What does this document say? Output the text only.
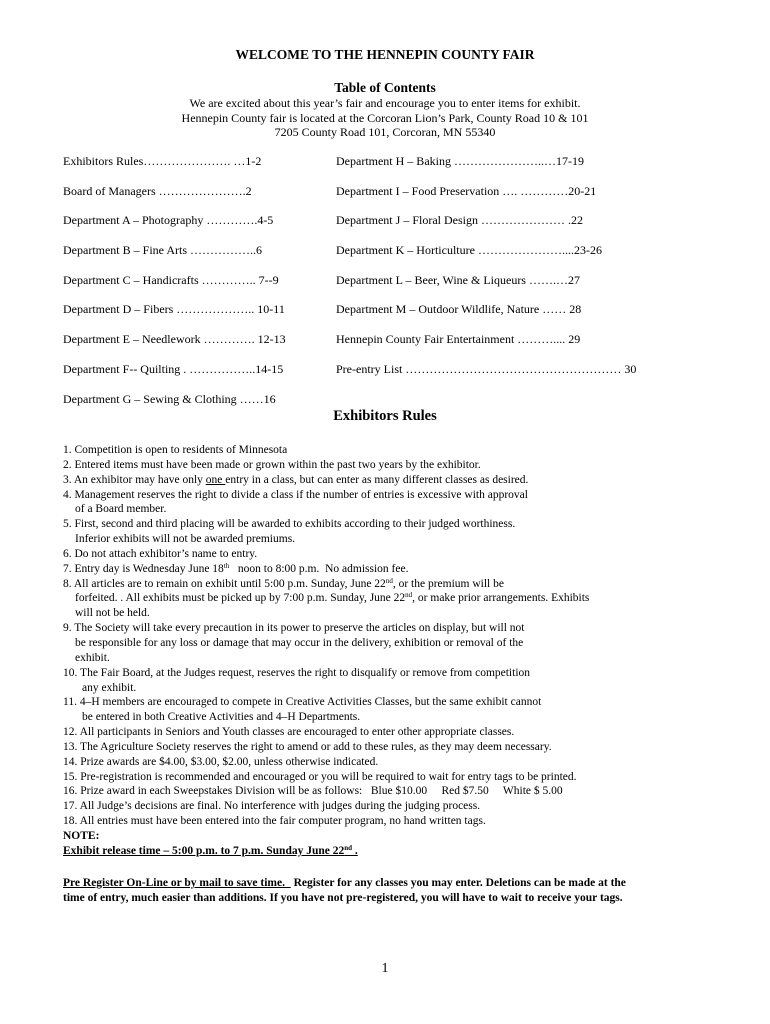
WELCOME TO THE HENNEPIN COUNTY FAIR
Table of Contents
We are excited about this year’s fair and encourage you to enter items for exhibit.
Hennepin County fair is located at the Corcoran Lion’s Park, County Road 10 & 101
7205 County Road 101, Corcoran, MN 55340
Exhibitors Rules…………………. …1-2
Board of Managers ………………….2
Department A – Photography ………….4-5
Department B – Fine Arts ……………..6
Department C – Handicrafts ………….. 7--9
Department D – Fibers ……………….. 10-11
Department E – Needlework …………. 12-13
Department F-- Quilting . ……………..14-15
Department G – Sewing & Clothing ……16
Department H – Baking …………………..…17-19
Department I – Food Preservation …. …………20-21
Department J – Floral Design ………………… .22
Department K – Horticulture …………………....23-26
Department L – Beer, Wine & Liqueurs …….…27
Department M – Outdoor Wildlife, Nature …… 28
Hennepin County Fair Entertainment ……….... 29
Pre-entry List ……………………………………………… 30
Exhibitors Rules
1. Competition is open to residents of Minnesota
2. Entered items must have been made or grown within the past two years by the exhibitor.
3. An exhibitor may have only one entry in a class, but can enter as many different classes as desired.
4. Management reserves the right to divide a class if the number of entries is excessive with approval
of a Board member.
5. First, second and third placing will be awarded to exhibits according to their judged worthiness.
Inferior exhibits will not be awarded premiums.
6. Do not attach exhibitor’s name to entry.
7. Entry day is Wednesday June 18th   noon to 8:00 p.m.  No admission fee.
8. All articles are to remain on exhibit until 5:00 p.m. Sunday, June 22nd, or the premium will be
forfeited. . All exhibits must be picked up by 7:00 p.m. Sunday, June 22nd, or make prior arrangements. Exhibits
will not be held.
9. The Society will take every precaution in its power to preserve the articles on display, but will not
be responsible for any loss or damage that may occur in the delivery, exhibition or removal of the
exhibit.
10. The Fair Board, at the Judges request, reserves the right to disqualify or remove from competition
any exhibit.
11. 4–H members are encouraged to compete in Creative Activities Classes, but the same exhibit cannot
be entered in both Creative Activities and 4–H Departments.
12. All participants in Seniors and Youth classes are encouraged to enter other appropriate classes.
13. The Agriculture Society reserves the right to amend or add to these rules, as they may deem necessary.
14. Prize awards are $4.00, $3.00, $2.00, unless otherwise indicated.
15. Pre-registration is recommended and encouraged or you will be required to wait for entry tags to be printed.
16. Prize award in each Sweepstakes Division will be as follows:   Blue $10.00     Red $7.50     White $ 5.00
17. All Judge’s decisions are final. No interference with judges during the judging process.
18. All entries must have been entered into the fair computer program, no hand written tags.
NOTE:
Exhibit release time – 5:00 p.m. to 7 p.m. Sunday June 22nd .
Pre Register On-Line or by mail to save time.   Register for any classes you may enter. Deletions can be made at the
time of entry, much easier than additions. If you have not pre-registered, you will have to wait to receive your tags.
1
